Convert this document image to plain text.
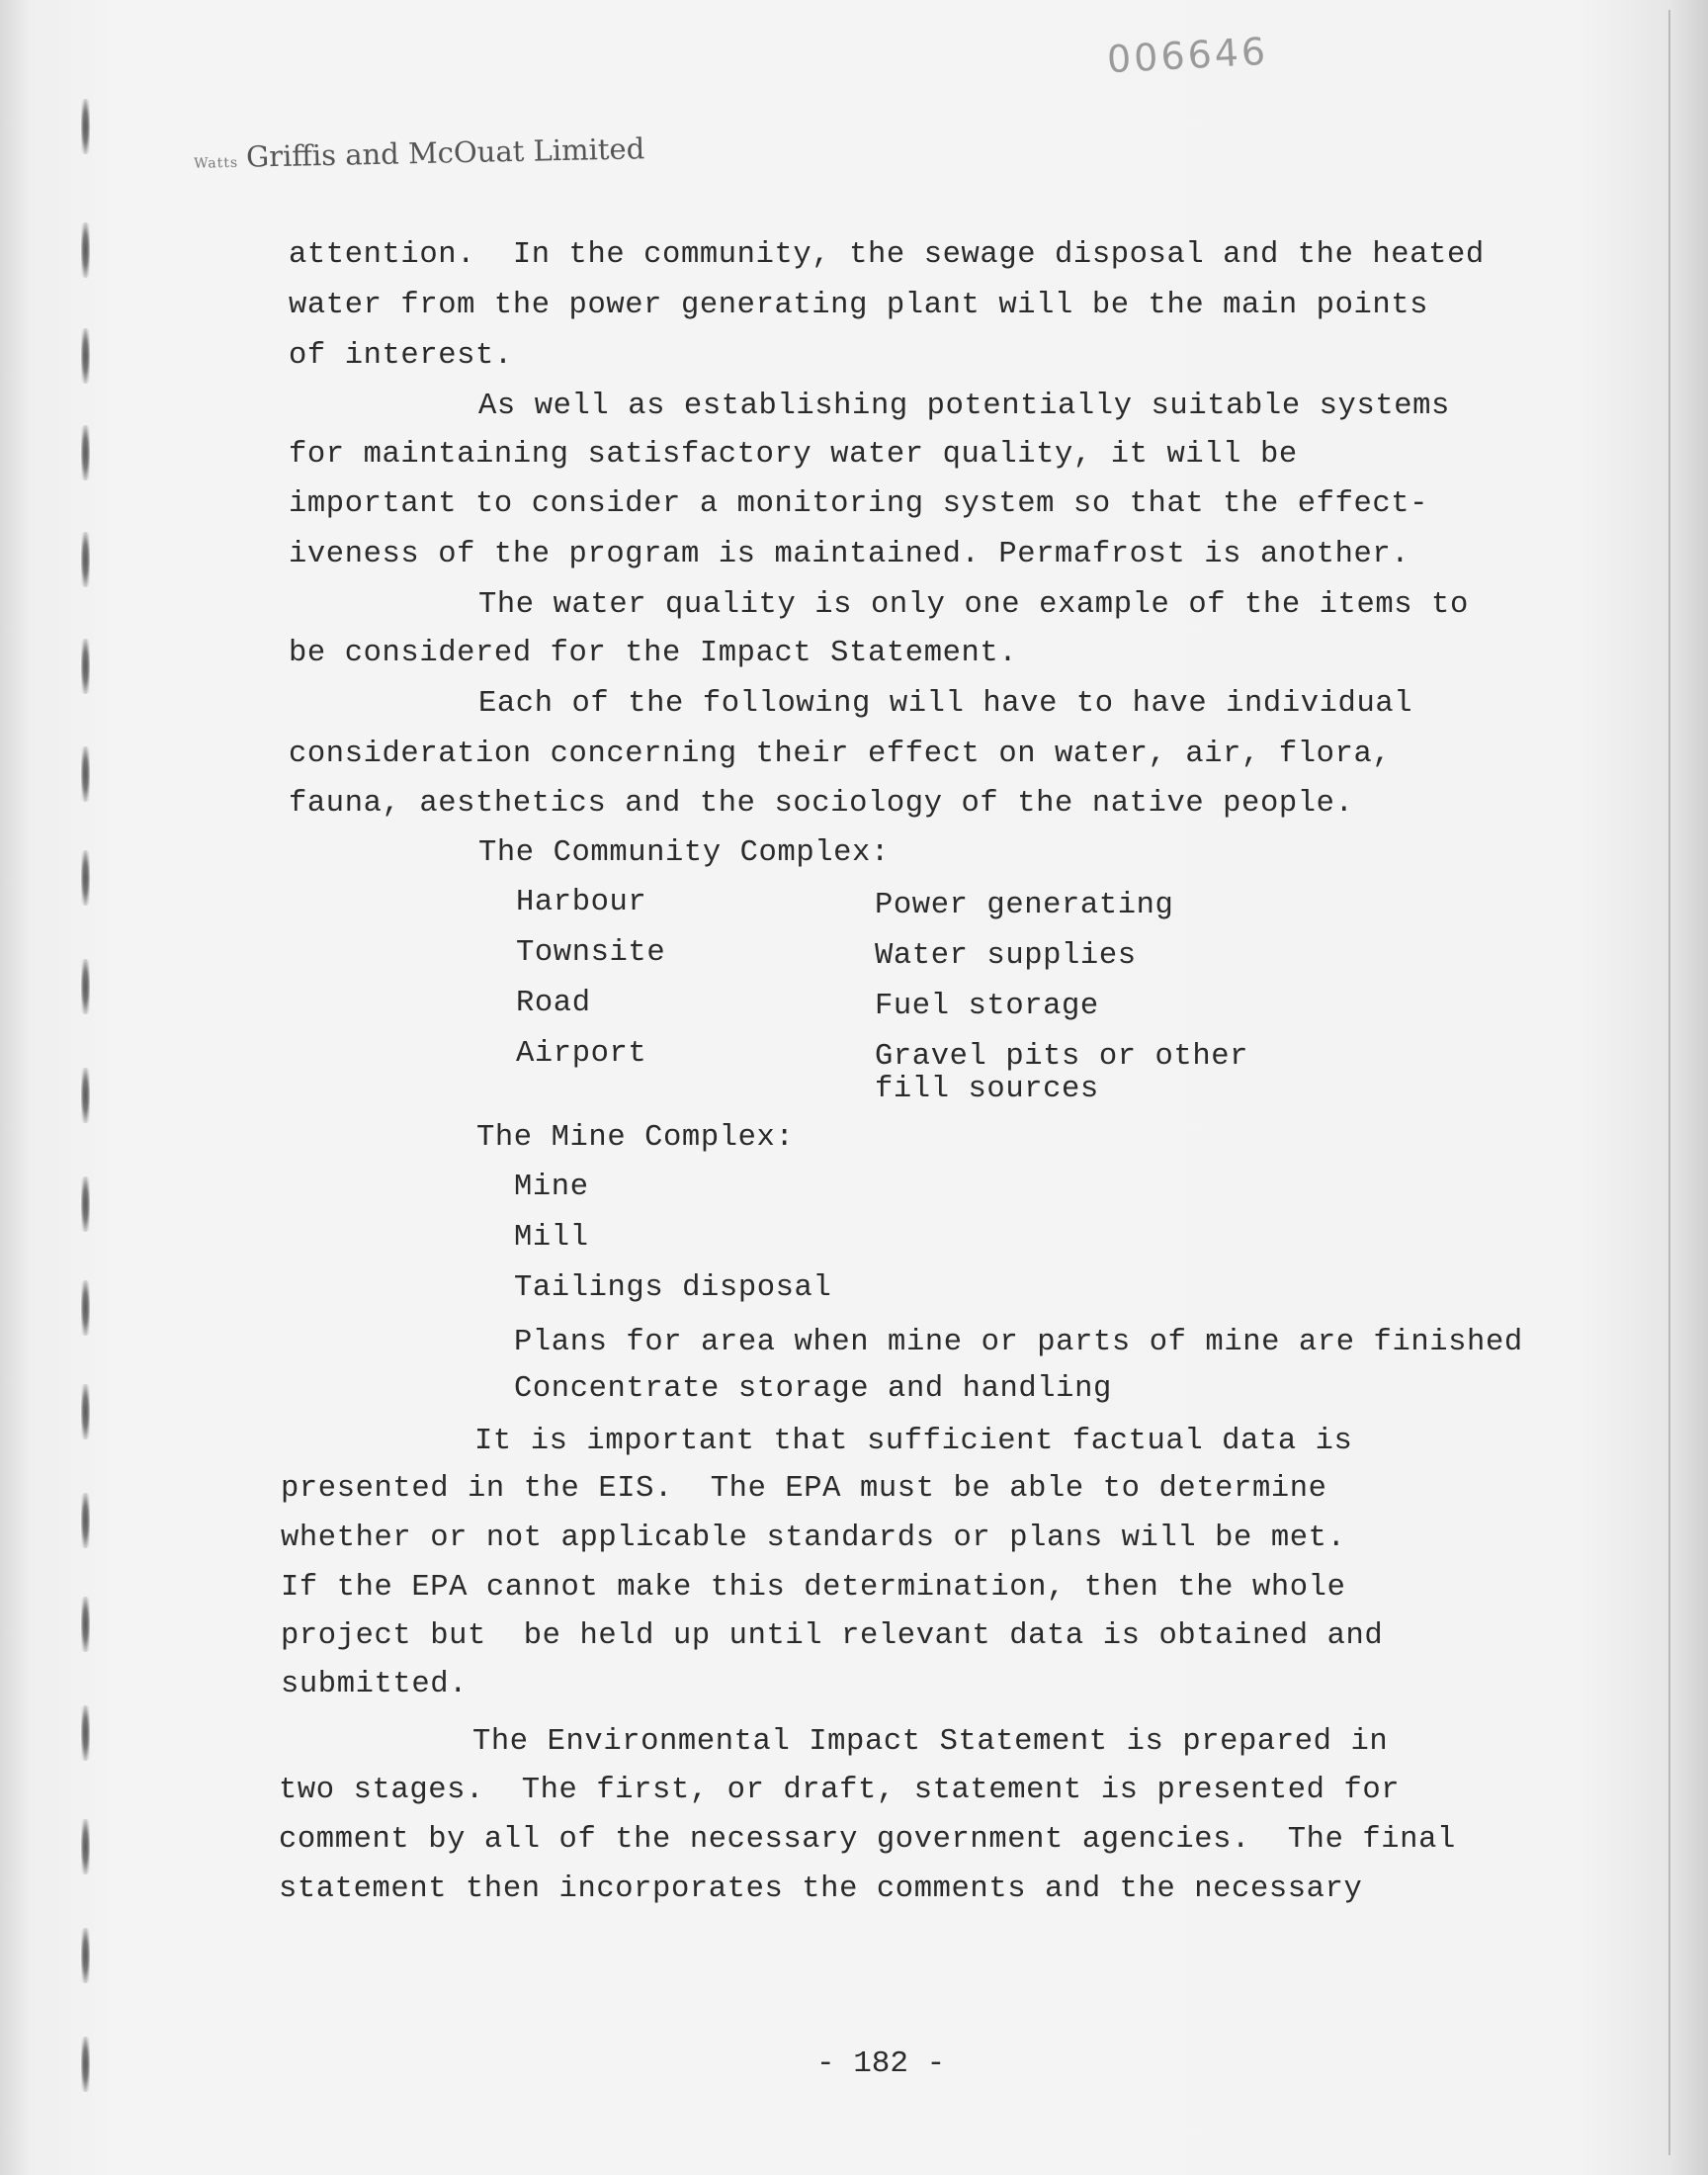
006646
Watts Griffis and McOuat Limited
attention.  In the community, the sewage disposal and the heated
water from the power generating plant will be the main points
of interest.
As well as establishing potentially suitable systems
for maintaining satisfactory water quality, it will be
important to consider a monitoring system so that the effect-
iveness of the program is maintained. Permafrost is another.
The water quality is only one example of the items to
be considered for the Impact Statement.
Each of the following will have to have individual
consideration concerning their effect on water, air, flora,
fauna, aesthetics and the sociology of the native people.
The Community Complex:
Harbour
Townsite
Road
Airport
Power generating
Water supplies
Fuel storage
Gravel pits or other
fill sources
The Mine Complex:
Mine
Mill
Tailings disposal
Plans for area when mine or parts of mine are finished
Concentrate storage and handling
It is important that sufficient factual data is
presented in the EIS.  The EPA must be able to determine
whether or not applicable standards or plans will be met.
If the EPA cannot make this determination, then the whole
project but  be held up until relevant data is obtained and
submitted.
The Environmental Impact Statement is prepared in
two stages.  The first, or draft, statement is presented for
comment by all of the necessary government agencies.  The final
statement then incorporates the comments and the necessary
- 182 -
